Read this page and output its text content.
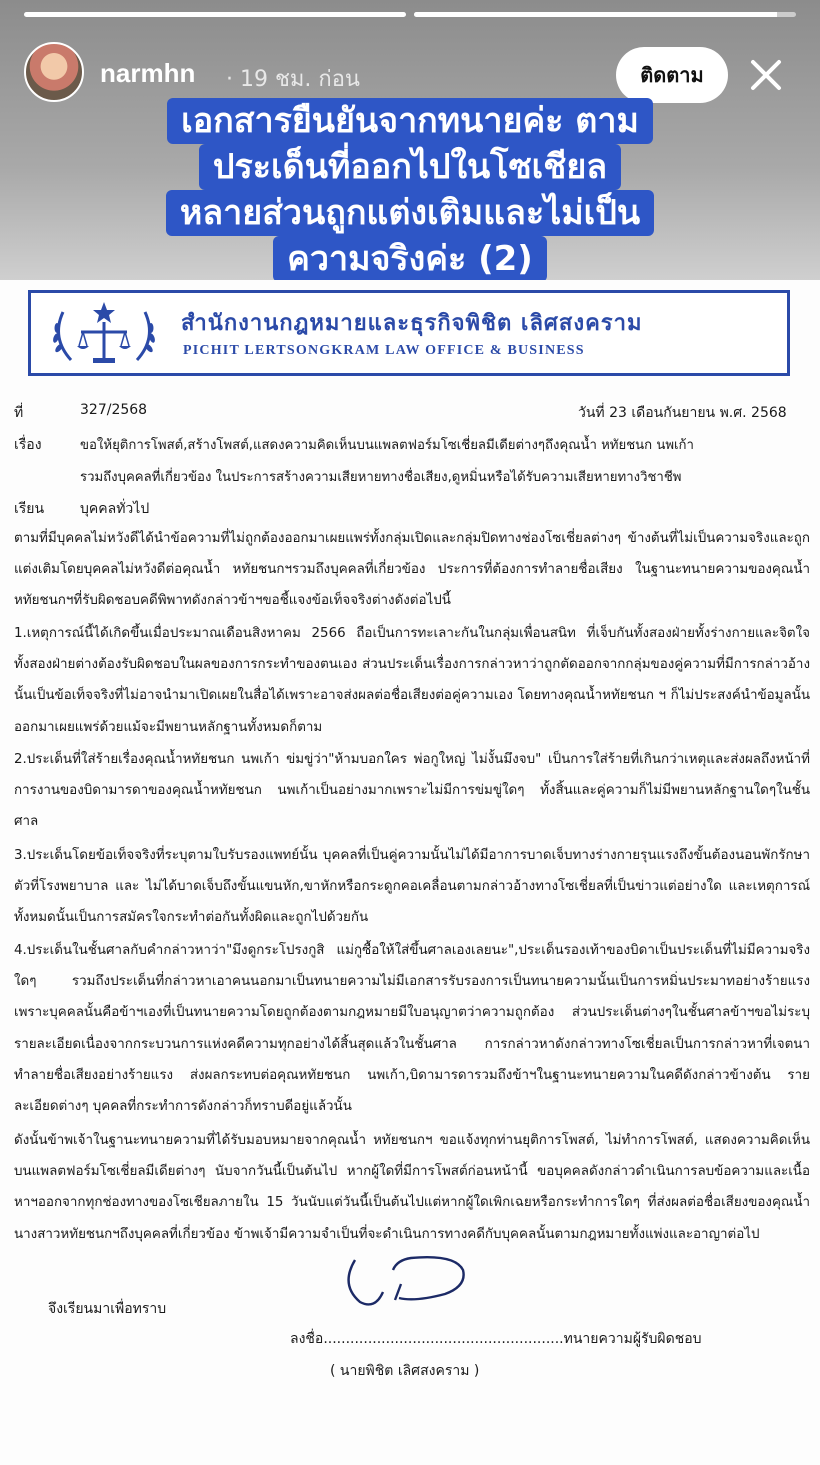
narmhn · 19 ชม. ก่อน	ติดตาม
เอกสารยืนยันจากทนายค่ะ ตาม
ประเด็นที่ออกไปในโซเชียล
หลายส่วนถูกแต่งเติมและไม่เป็น
ความจริงค่ะ (2)
สำนักงานกฎหมายและธุรกิจพิชิต เลิศสงคราม
PICHIT LERTSONGKRAM LAW OFFICE & BUSINESS
ที่	327/2568	วันที่ 23 เดือนกันยายน พ.ศ. 2568
เรื่อง	ขอให้ยุติการโพสต์,สร้างโพสต์,แสดงความคิดเห็นบนแพลตฟอร์มโซเชี่ยลมีเดียต่างๆถึงคุณน้ำ หทัยชนก นพเก้า
รวมถึงบุคคลที่เกี่ยวข้อง ในประการสร้างความเสียหายทางชื่อเสียง,ดูหมิ่นหรือได้รับความเสียหายทางวิชาชีพ
เรียน	บุคคลทั่วไป
ตามที่มีบุคคลไม่หวังดีได้นำข้อความที่ไม่ถูกต้องออกมาเผยแพร่ทั้งกลุ่มเปิดและกลุ่มปิดทางช่องโซเชี่ยลต่างๆ ข้างต้นที่ไม่เป็นความจริงและถูกแต่งเติมโดยบุคคลไม่หวังดีต่อคุณน้ำ หทัยชนกฯรวมถึงบุคคลที่เกี่ยวข้อง ประการที่ต้องการทำลายชื่อเสียง ในฐานะทนายความของคุณน้ำ หทัยชนกฯที่รับผิดชอบคดีพิพาทดังกล่าวข้าฯขอชี้แจงข้อเท็จจริงต่างดังต่อไปนี้
1.เหตุการณ์นี้ได้เกิดขึ้นเมื่อประมาณเดือนสิงหาคม 2566 ถือเป็นการทะเลาะกันในกลุ่มเพื่อนสนิท ที่เจ็บกันทั้งสองฝ่ายทั้งร่างกายและจิตใจ ทั้งสองฝ่ายต่างต้องรับผิดชอบในผลของการกระทำของตนเอง ส่วนประเด็นเรื่องการกล่าวหาว่าถูกตัดออกจากกลุ่มของคู่ความที่มีการกล่าวอ้างนั้นเป็นข้อเท็จจริงที่ไม่อาจนำมาเปิดเผยในสื่อได้เพราะอาจส่งผลต่อชื่อเสียงต่อคู่ความเอง โดยทางคุณน้ำหทัยชนก ฯ ก็ไม่ประสงค์นำข้อมูลนั้นออกมาเผยแพร่ด้วยแม้จะมีพยานหลักฐานทั้งหมดก็ตาม
2.ประเด็นที่ใส่ร้ายเรื่องคุณน้ำหทัยชนก นพเก้า ข่มขู่ว่า"ห้ามบอกใคร พ่อกูใหญ่ ไม่งั้นมึงจบ" เป็นการใส่ร้ายที่เกินกว่าเหตุและส่งผลถึงหน้าที่การงานของบิดามารดาของคุณน้ำหทัยชนก นพเก้าเป็นอย่างมากเพราะไม่มีการข่มขู่ใดๆ ทั้งสิ้นและคู่ความก็ไม่มีพยานหลักฐานใดๆในชั้นศาล
3.ประเด็นโดยข้อเท็จจริงที่ระบุตามใบรับรองแพทย์นั้น บุคคลที่เป็นคู่ความนั้นไม่ได้มีอาการบาดเจ็บทางร่างกายรุนแรงถึงขั้นต้องนอนพักรักษาตัวที่โรงพยาบาล และ ไม่ได้บาดเจ็บถึงขั้นแขนหัก,ขาหักหรือกระดูกคอเคลื่อนตามกล่าวอ้างทางโซเชี่ยลที่เป็นข่าวแต่อย่างใด และเหตุการณ์ทั้งหมดนั้นเป็นการสมัครใจกระทำต่อกันทั้งผิดและถูกไปด้วยกัน
4.ประเด็นในชั้นศาลกับคำกล่าวหาว่า"มึงดูกระโปรงกูสิ แม่กูซื้อให้ใส่ขึ้นศาลเองเลยนะ",ประเด็นรองเท้าของบิดาเป็นประเด็นที่ไม่มีความจริงใดๆ รวมถึงประเด็นที่กล่าวหาเอาคนนอกมาเป็นทนายความไม่มีเอกสารรับรองการเป็นทนายความนั้นเป็นการหมิ่นประมาทอย่างร้ายแรงเพราะบุคคลนั้นคือข้าฯเองที่เป็นทนายความโดยถูกต้องตามกฎหมายมีใบอนุญาตว่าความถูกต้อง ส่วนประเด็นต่างๆในชั้นศาลข้าฯขอไม่ระบุรายละเอียดเนื่องจากกระบวนการแห่งคดีความทุกอย่างได้สิ้นสุดแล้วในชั้นศาล การกล่าวหาดังกล่าวทางโซเชี่ยลเป็นการกล่าวหาที่เจตนาทำลายชื่อเสียงอย่างร้ายแรง ส่งผลกระทบต่อคุณหทัยชนก นพเก้า,บิดามารดารวมถึงข้าฯในฐานะทนายความในคดีดังกล่าวข้างต้น รายละเอียดต่างๆ บุคคลที่กระทำการดังกล่าวก็ทราบดีอยู่แล้วนั้น
ดังนั้นข้าพเจ้าในฐานะทนายความที่ได้รับมอบหมายจากคุณน้ำ หทัยชนกฯ ขอแจ้งทุกท่านยุติการโพสต์, ไม่ทำการโพสต์, แสดงความคิดเห็น บนแพลตฟอร์มโซเชี่ยลมีเดียต่างๆ นับจากวันนี้เป็นต้นไป หากผู้ใดที่มีการโพสต์ก่อนหน้านี้ ขอบุคคลดังกล่าวดำเนินการลบข้อความและเนื้อหาฯออกจากทุกช่องทางของโซเชียลภายใน 15 วันนับแต่วันนี้เป็นต้นไปแต่หากผู้ใดเพิกเฉยหรือกระทำการใดๆ ที่ส่งผลต่อชื่อเสียงของคุณน้ำ นางสาวหทัยชนกฯถึงบุคคลที่เกี่ยวข้อง ข้าพเจ้ามีความจำเป็นที่จะดำเนินการทางคดีกับบุคคลนั้นตามกฎหมายทั้งแพ่งและอาญาต่อไป
จึงเรียนมาเพื่อทราบ
ลงชื่อ......................................................ทนายความผู้รับผิดชอบ
( นายพิชิต เลิศสงคราม )
